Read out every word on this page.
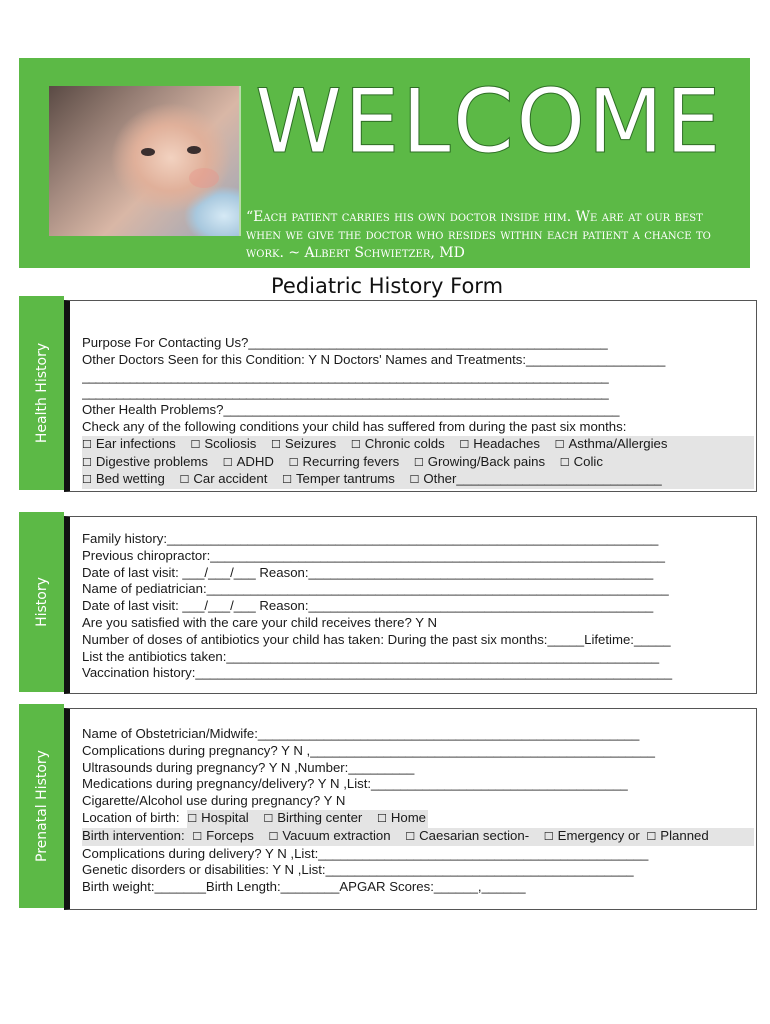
WELCOME
“Each patient carries his own doctor inside him. We are at our best when we give the doctor who resides within each patient a chance to work. ~ Albert Schwietzer, MD
Pediatric History Form
Health History
Purpose For Contacting Us?_________________________________________________
Other Doctors Seen for this Condition: Y N Doctors' Names and Treatments:___________________
_____________________________________________________________________________
_____________________________________________________________________________
Other Health Problems?______________________________________________________
Check any of the following conditions your child has suffered from during the past six months:
☐ Ear infections ☐ Scoliosis ☐ Seizures ☐ Chronic colds ☐ Headaches ☐ Asthma/Allergies
☐ Digestive problems ☐ ADHD ☐ Recurring fevers ☐ Growing/Back pains ☐ Colic
☐ Bed wetting ☐ Car accident ☐ Temper tantrums ☐ Other____________________________
History
Family history:___________________________________________________________________
Previous chiropractor:______________________________________________________________
Date of last visit: ___/___/___ Reason:_______________________________________________
Name of pediatrician:_______________________________________________________________
Date of last visit: ___/___/___ Reason:_______________________________________________
Are you satisfied with the care your child receives there? Y N
Number of doses of antibiotics your child has taken: During the past six months:_____Lifetime:_____
List the antibiotics taken:___________________________________________________________
Vaccination history:_________________________________________________________________
Prenatal History
Name of Obstetrician/Midwife:____________________________________________________
Complications during pregnancy? Y N ,_______________________________________________
Ultrasounds during pregnancy? Y N ,Number:_________
Medications during pregnancy/delivery? Y N ,List:___________________________________
Cigarette/Alcohol use during pregnancy? Y N
Location of birth: ☐ Hospital ☐ Birthing center ☐ Home
Birth intervention: ☐ Forceps ☐ Vacuum extraction ☐ Caesarian section- ☐ Emergency or ☐ Planned
Complications during delivery? Y N ,List:_____________________________________________
Genetic disorders or disabilities: Y N ,List:__________________________________________
Birth weight:_______Birth Length:________APGAR Scores:______,______
